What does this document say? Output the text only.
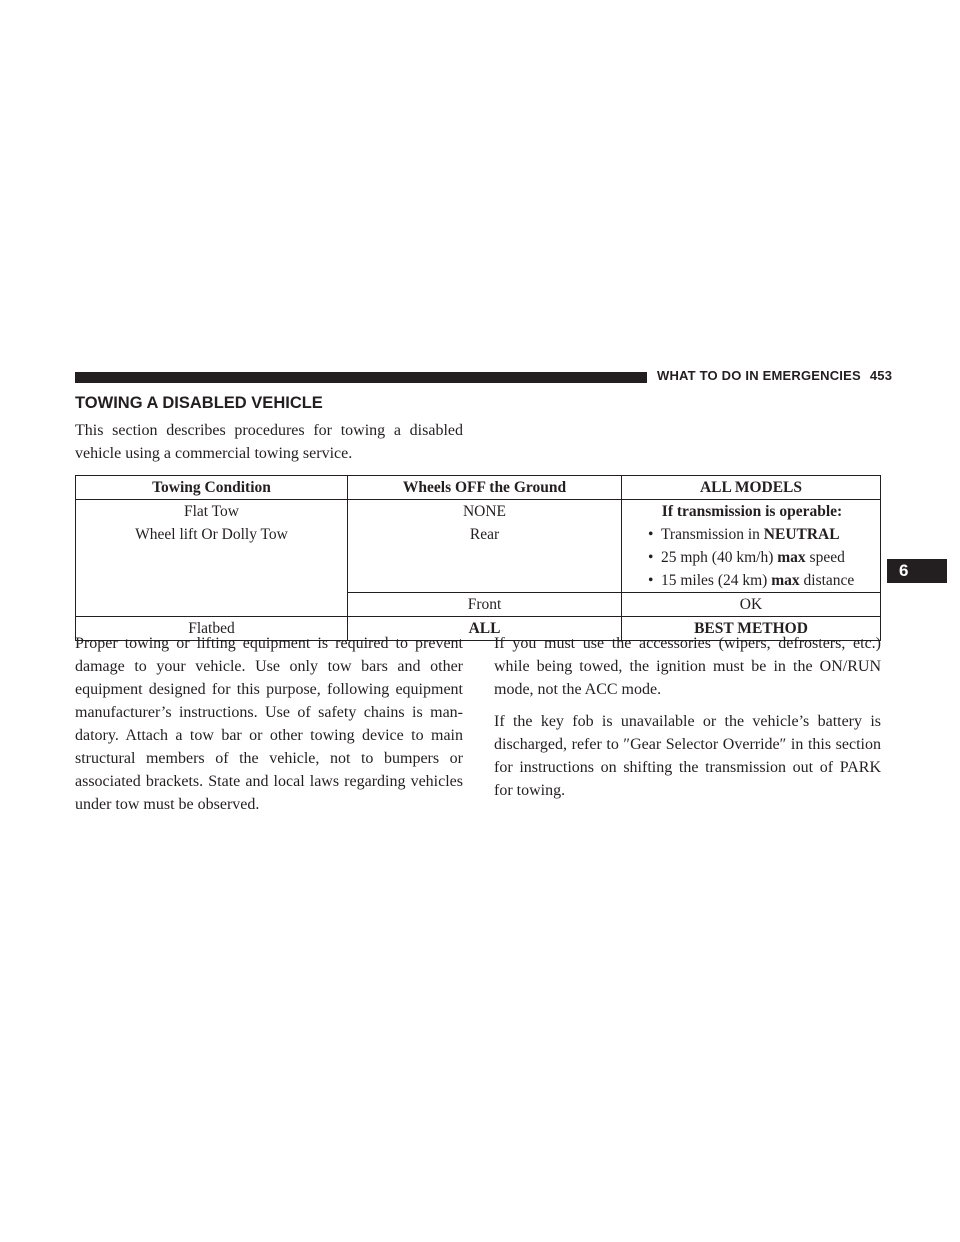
WHAT TO DO IN EMERGENCIES 453
6
TOWING A DISABLED VEHICLE

This section describes procedures for towing a disabled vehicle using a commercial towing service.

Towing Condition	Wheels OFF the Ground	ALL MODELS
Flat Tow	NONE	If transmission is operable:
• Transmission in NEUTRAL
• 25 mph (40 km/h) max speed
• 15 miles (24 km) max distance

Wheel lift Or Dolly Tow	Rear	
	Front	OK
Flatbed	ALL	BEST METHOD

Proper towing or lifting equipment is required to prevent damage to your vehicle. Use only tow bars and other equipment designed for this purpose, following equipment manufacturer’s instructions. Use of safety chains is man-datory. Attach a tow bar or other towing device to main structural members of the vehicle, not to bumpers or associated brackets. State and local laws regarding vehicles under tow must be observed.

If you must use the accessories (wipers, defrosters, etc.) while being towed, the ignition must be in the ON/RUN mode, not the ACC mode.

If the key fob is unavailable or the vehicle’s battery is discharged, refer to ″Gear Selector Override″ in this section for instructions on shifting the transmission out of PARK for towing.
